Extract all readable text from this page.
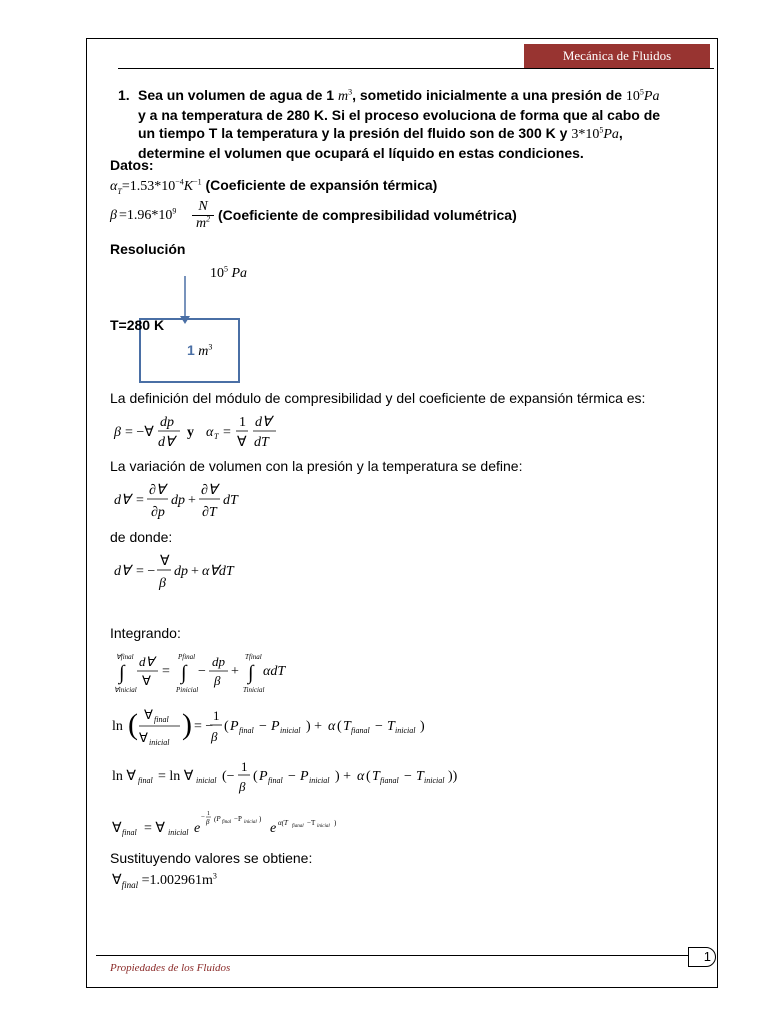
Mecánica de Fluidos
1. Sea un volumen de agua de 1 $m^3$, sometido inicialmente a una presión de $10^5Pa$
y a na temperatura de 280 K. Si el proceso evoluciona de forma que al cabo de
un tiempo T la temperatura y la presión del fluido son de 300 K y $3*10^5Pa$,
determine el volumen que ocupará el líquido en estas condiciones.
Datos:
$\alpha_T=1.53*10^{-4}K^{-1}$ (Coeficiente de expansión térmica)
$\beta =1.96*10^9 \frac{N}{m^2}$ (Coeficiente de compresibilidad volumétrica)
Resolución
$10^5$ Pa
T=280 K
1 $m^3$
La definición del módulo de compresibilidad y del coeficiente de expansión térmica es:
β = −∀
dp
d∀
y α T =
1
∀
d∀
dT
La variación de volumen con la presión y la temperatura se define:
d∀ =
∂∀
∂p
dp +
∂∀
∂T
dT
de donde:
d∀ = −
∀
β
dp + α∀dT
Integrando:
∀final
∫
∀inicial
d∀
∀
=
Pfinal
∫
Pinicial
−
dp
β
+
Tfinal
∫
Tinicial
αdT
ln ( ∀ final
∀ inicial
) = −
1
β
( P final − P inicial ) + α ( T fianal − T inicial )
ln ∀ final = ln ∀ inicial (−
1
β
( P final − P inicial ) + α ( T fianal − T inicial ))
∀ final = ∀ inicial e
− 1
β (P final −P inicial )
e α(T fianal −T inicial )
Sustituyendo valores se obtiene:
$\forall_{final} =1.002961m^3$
1
Propiedades de los Fluidos
